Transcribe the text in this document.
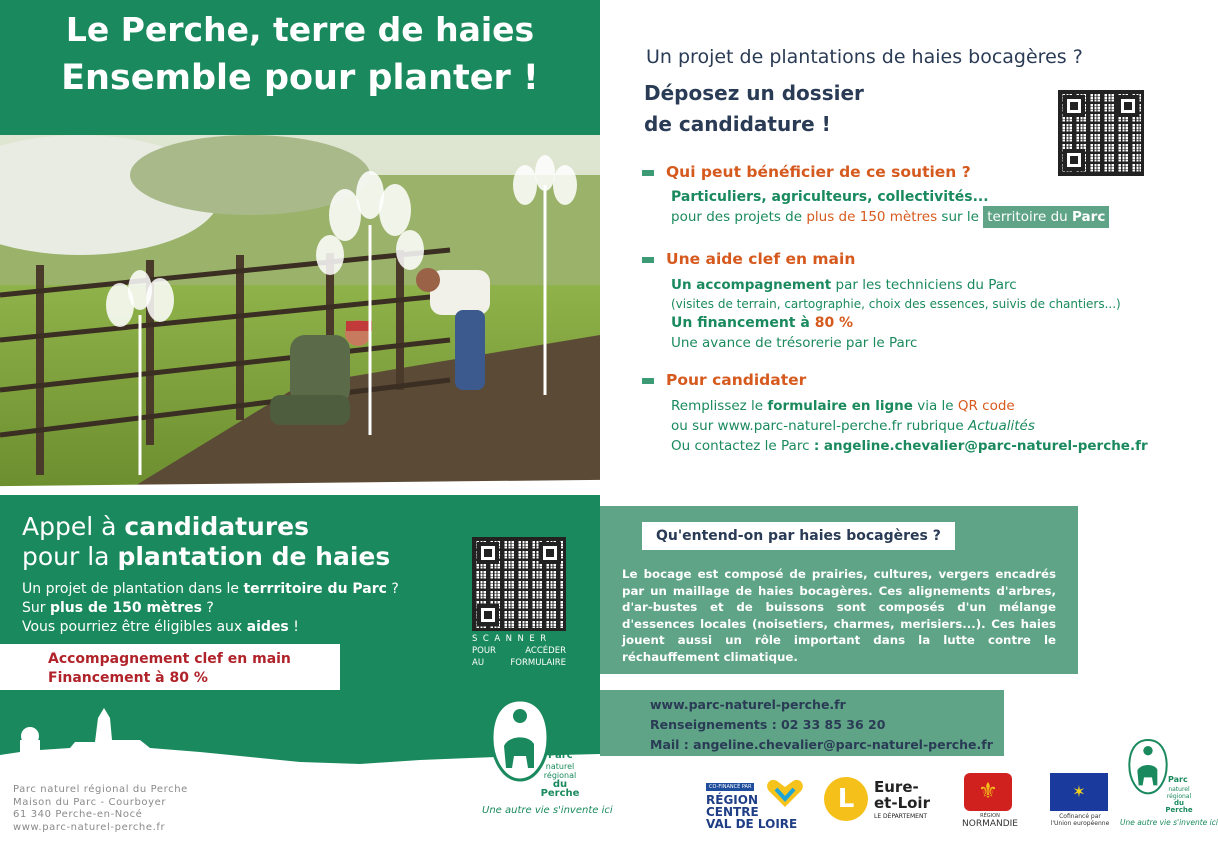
Le Perche, terre de haies
Ensemble pour planter !
Appel à candidatures
pour la plantation de haies
Un projet de plantation dans le terrritoire du Parc ?
Sur plus de 150 mètres ?
Vous pourriez être éligibles aux aides !
Accompagnement clef en main
Financement à 80 %
SCANNER
POUR	ACCÉDER
AU	FORMULAIRE
Parc
naturel
régional
du Perche
Une autre vie s'invente ici
Parc naturel régional du Perche
Maison du Parc - Courboyer
61 340 Perche-en-Nocé
www.parc-naturel-perche.fr
Un projet de plantations de haies bocagères ?
Déposez un dossier
de candidature !
Qui peut bénéficier de ce soutien ?
Particuliers, agriculteurs, collectivités...
pour des projets de plus de 150 mètres sur le territoire du Parc
Une aide clef en main
Un accompagnement par les techniciens du Parc
(visites de terrain, cartographie, choix des essences, suivis de chantiers...)
Un financement à 80 %
Une avance de trésorerie par le Parc
Pour candidater
Remplissez le formulaire en ligne via le QR code
ou sur www.parc-naturel-perche.fr rubrique Actualités
Ou contactez le Parc : angeline.chevalier@parc-naturel-perche.fr
Qu'entend-on par haies bocagères ?
Le bocage est composé de prairies, cultures, vergers encadrés par un maillage de haies bocagères. Ces alignements d'arbres, d'ar-bustes et de buissons sont composés d'un mélange d'essences locales (noisetiers, charmes, merisiers...). Ces haies jouent aussi un rôle important dans la lutte contre le réchauffement climatique.
www.parc-naturel-perche.fr
Renseignements : 02 33 85 36 20
Mail : angeline.chevalier@parc-naturel-perche.fr
CO-FINANCÉ PAR
RÉGION
CENTRE
VAL DE LOIRE
L	Eure-
et-Loir
LE DÉPARTEMENT
⚜
RÉGION
NORMANDIE
✶
Cofinancé par
l'Union européenne
Parc
naturel
régional
du Perche
Une autre vie s'invente ici
